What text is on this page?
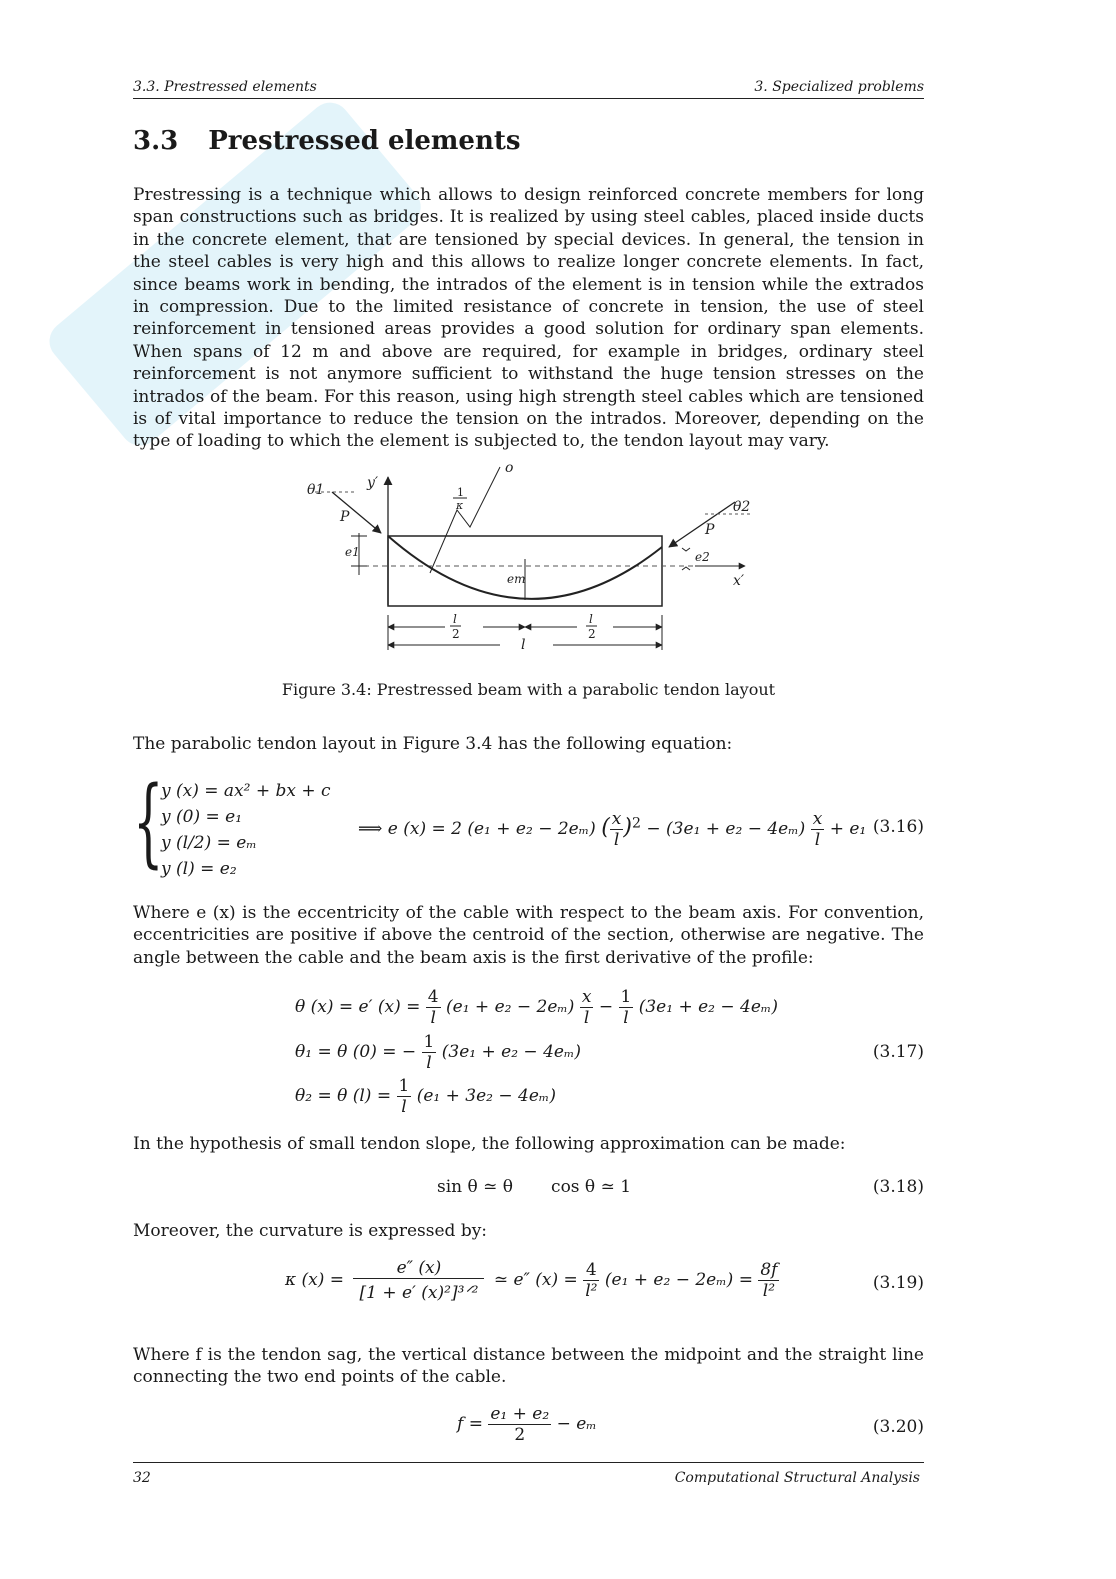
3.3. Prestressed elements	3. Specialized problems
3.3 Prestressed elements

Prestressing is a technique which allows to design reinforced concrete members for long span constructions such as bridges. It is realized by using steel cables, placed inside ducts in the concrete element, that are tensioned by special devices. In general, the tension in the steel cables is very high and this allows to realize longer concrete elements. In fact, since beams work in bending, the intrados of the element is in tension while the extrados in compression. Due to the limited resistance of concrete in tension, the use of steel reinforcement in tensioned areas provides a good solution for ordinary span elements. When spans of 12 m and above are required, for example in bridges, ordinary steel reinforcement is not anymore sufficient to withstand the huge tension stresses on the intrados of the beam. For this reason, using high strength steel cables which are tensioned is of vital importance to reduce the tension on the intrados. Moreover, depending on the type of loading to which the element is subjected to, the tendon layout may vary.

θ1
P
y′
1
κ
o
θ2
P
e1	e2
em	x′
l
2
l
2
l
Figure 3.4: Prestressed beam with a parabolic tendon layout

The parabolic tendon layout in Figure 3.4 has the following equation:

{
y (x) = ax² + bx + c
y (0) = e₁
y (l/2) = eₘ
y (l) = e₂
⟹ e (x) = 2 (e₁ + e₂ − 2eₘ) ( $\frac{x}{l} )^2 - (3e_1 + e_2 - 4e_m) \frac{x}{l} + e_1$ (3.16)

Where e (x) is the eccentricity of the cable with respect to the beam axis. For convention, eccentricities are positive if above the centroid of the section, otherwise are negative. The angle between the cable and the beam axis is the first derivative of the profile:

θ (x) = e′ $(x) = \frac{4}{l} (e_1 + e_2 - 2e_m) \frac{x}{l} - \frac{1}{l} (3e_1 + e_2 - 4e_m)$
θ₁ = θ (0) = − $\frac{1}{l} (3e_1 + e_2 - 4e_m)$
θ₂ = θ $(l) = \frac{1}{l} (e_1 + 3e_2 - 4e_m)$
(3.17)

In the hypothesis of small tendon slope, the following approximation can be made:

sin θ ≃ θ cos θ ≃ 1	(3.18)

Moreover, the curvature is expressed by:

κ $(x) = \frac{e'' (x)}{\text{[1 + e′ (x)²]³ᐟ²}}$ ≃ e″ $(x) = \frac{4}{\text{l²}} (e_1 + e_2 - 2e_m) = \frac{8f}{\text{l²}}$	(3.19)

Where f is the tendon sag, the vertical distance between the midpoint and the straight line connecting the two end points of the cable.

$f = \frac{\text{e₁ + e₂}}{2} - e_m$	(3.20)
32	Computational Structural Analysis
